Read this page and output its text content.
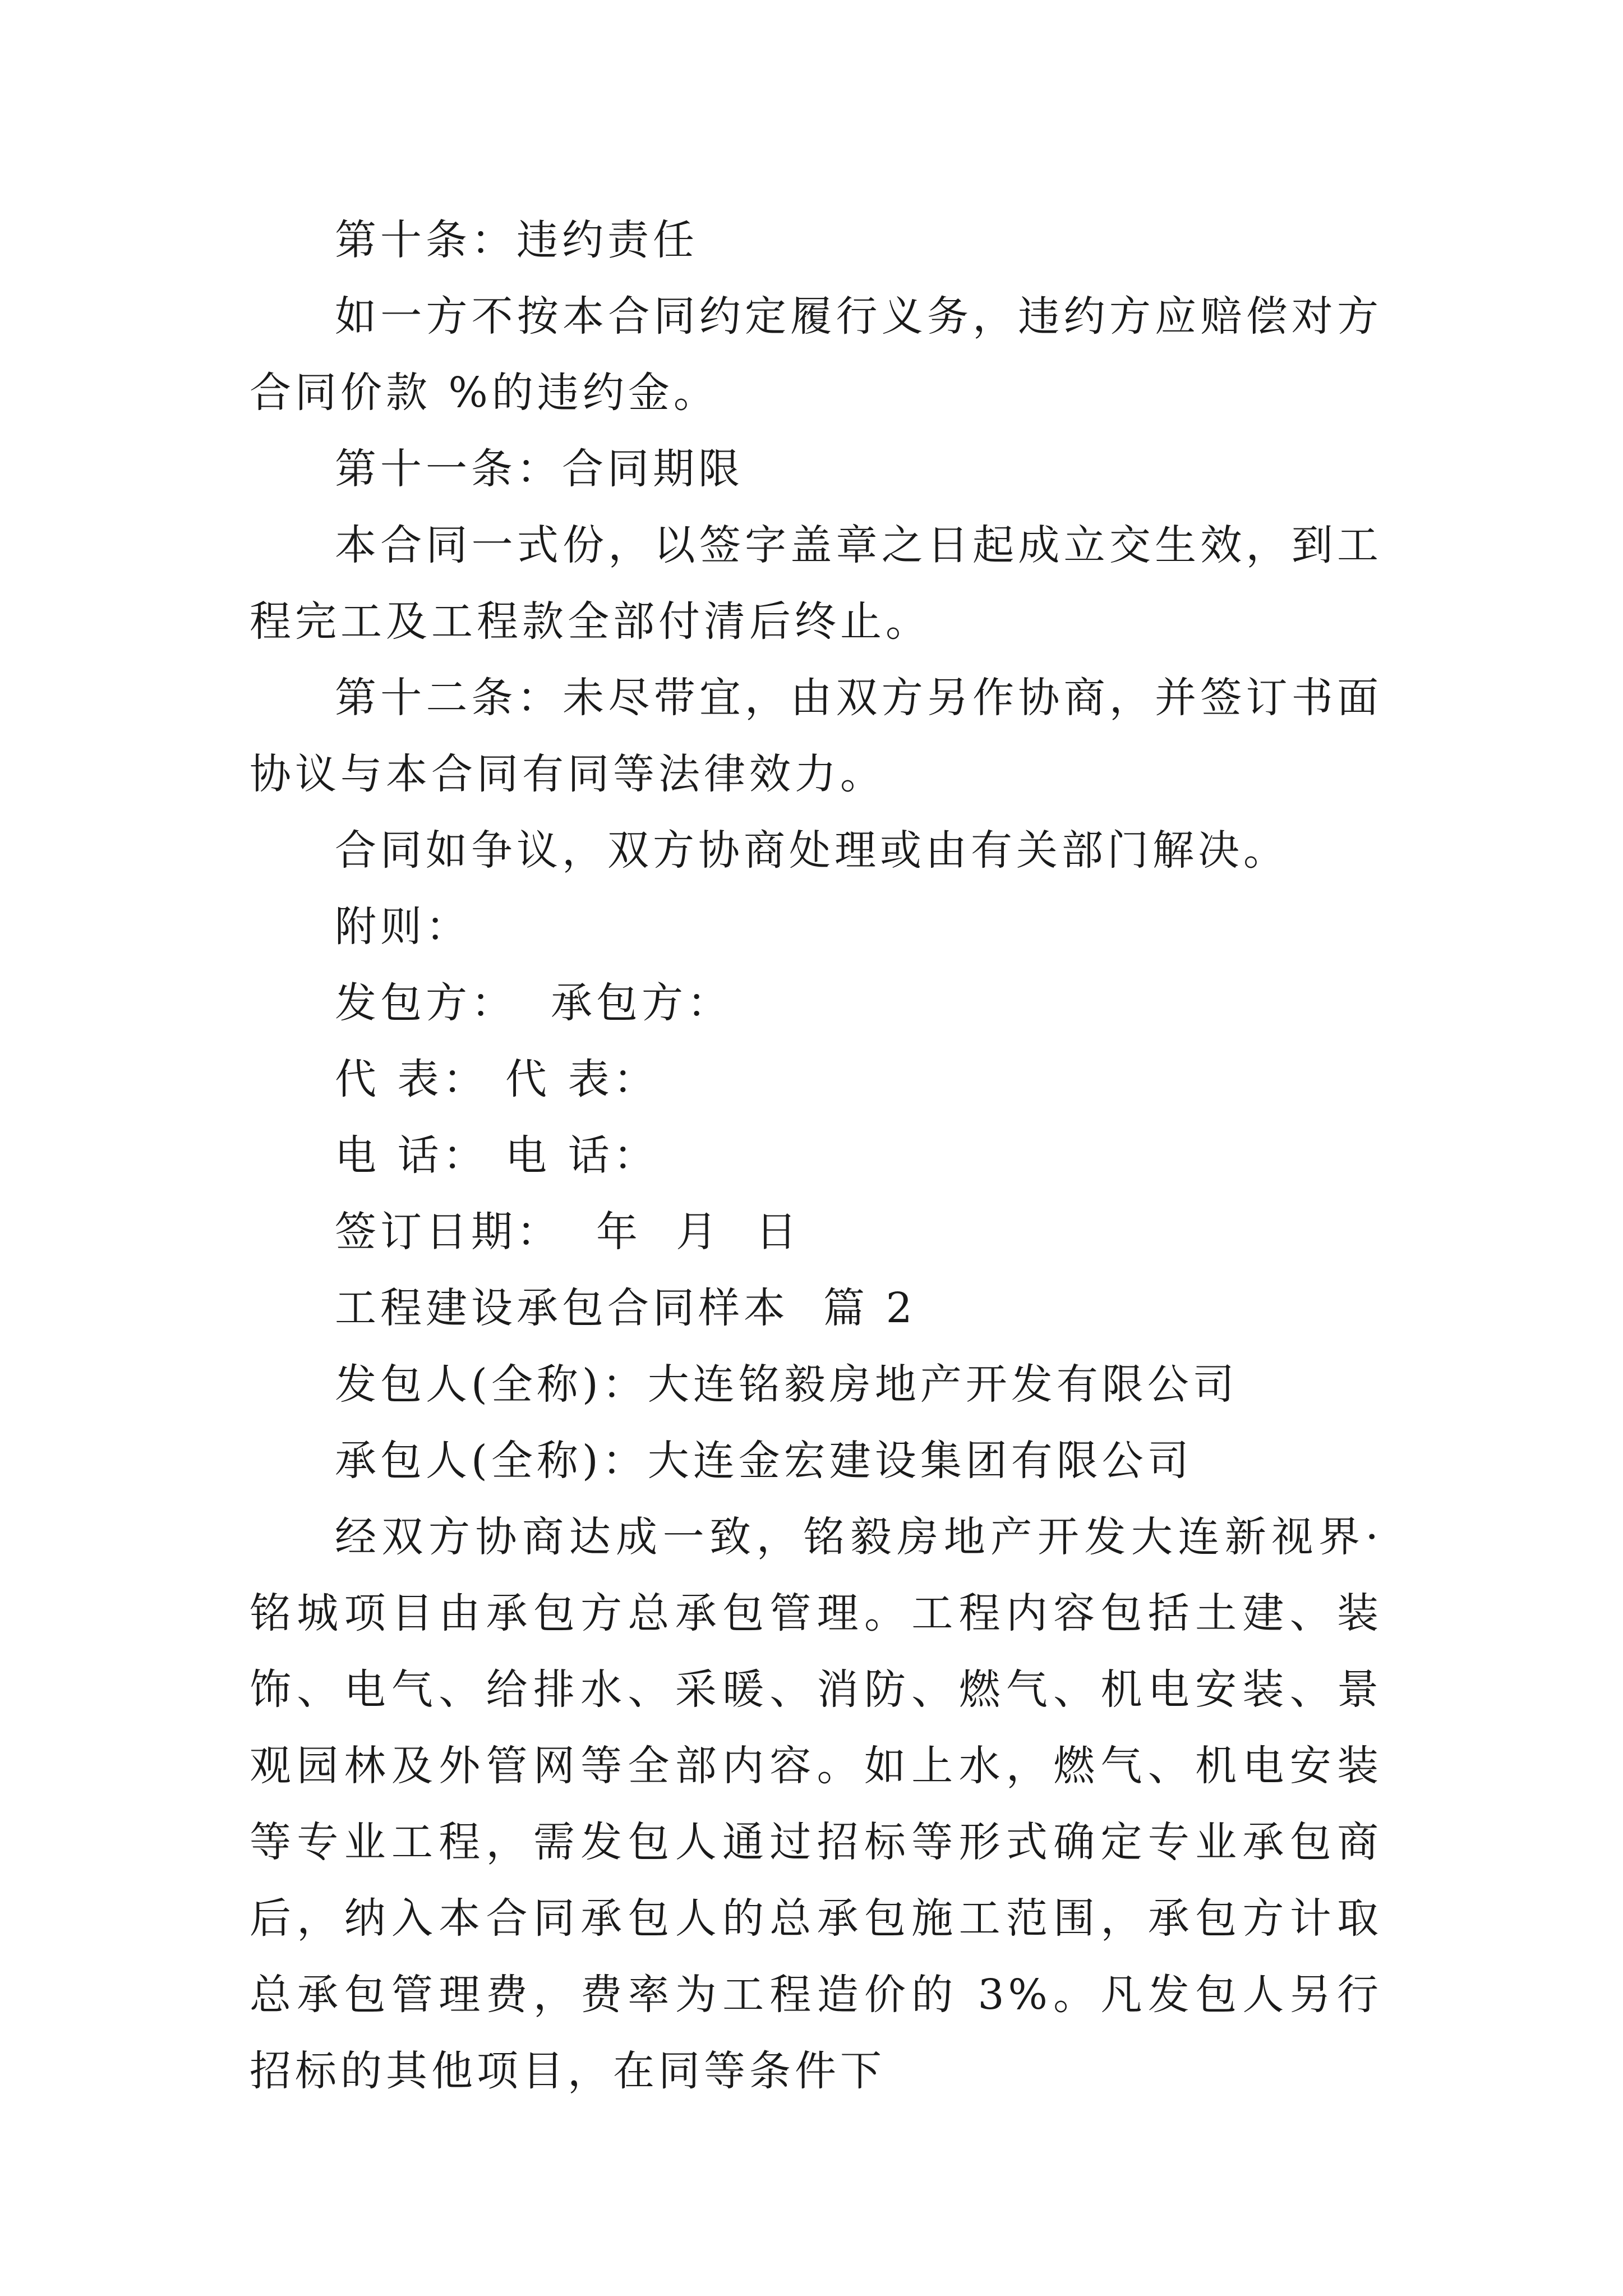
第十条：违约责任

如一方不按本合同约定履行义务，违约方应赔偿对方合同价款 %的违约金。

第十一条：合同期限

本合同一式份，以签字盖章之日起成立交生效，到工程完工及工程款全部付清后终止。

第十二条：未尽带宜，由双方另作协商，并签订书面协议与本合同有同等法律效力。

合同如争议，双方协商处理或由有关部门解决。

附则：

发包方：  承包方：

代 表： 代 表：

电 话： 电 话：

签订日期：  年  月  日

工程建设承包合同样本  篇 2

发包人(全称)：大连铭毅房地产开发有限公司

承包人(全称)：大连金宏建设集团有限公司

经双方协商达成一致，铭毅房地产开发大连新视界·铭城项目由承包方总承包管理。工程内容包括土建、装饰、电气、给排水、采暖、消防、燃气、机电安装、景观园林及外管网等全部内容。如上水，燃气、机电安装等专业工程，需发包人通过招标等形式确定专业承包商后，纳入本合同承包人的总承包施工范围，承包方计取总承包管理费，费率为工程造价的 3%。凡发包人另行招标的其他项目，在同等条件下
